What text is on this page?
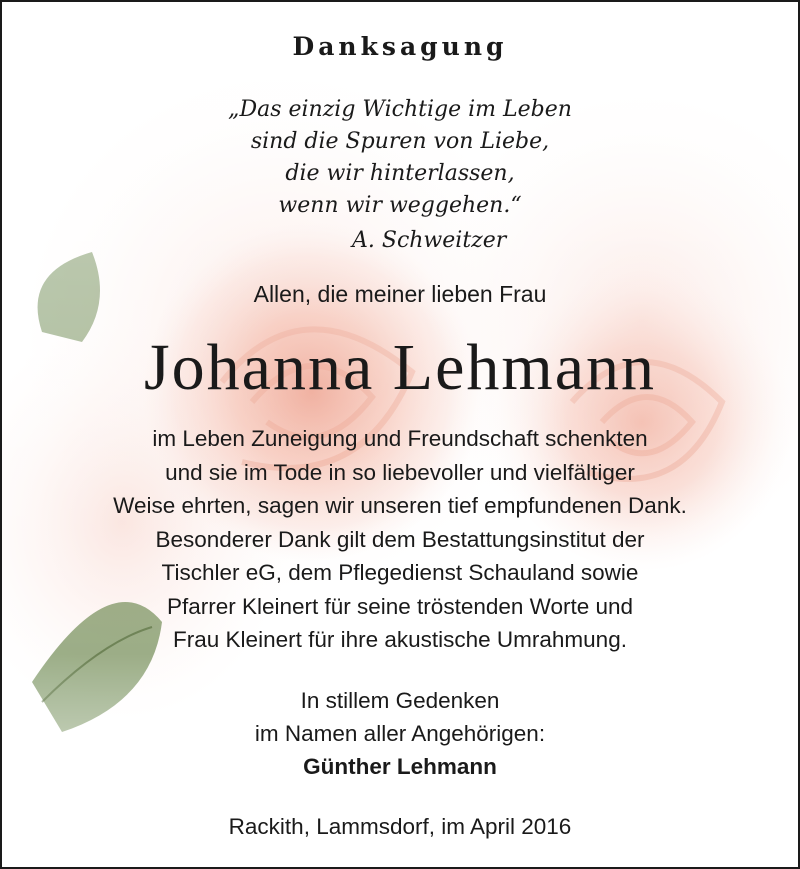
Danksagung
„Das einzig Wichtige im Leben
sind die Spuren von Liebe,
die wir hinterlassen,
wenn wir weggehen.“
A. Schweitzer
Allen, die meiner lieben Frau
Johanna Lehmann
im Leben Zuneigung und Freundschaft schenkten
und sie im Tode in so liebevoller und vielfältiger
Weise ehrten, sagen wir unseren tief empfundenen Dank.
Besonderer Dank gilt dem Bestattungsinstitut der
Tischler eG, dem Pflegedienst Schauland sowie
Pfarrer Kleinert für seine tröstenden Worte und
Frau Kleinert für ihre akustische Umrahmung.
In stillem Gedenken
im Namen aller Angehörigen:
Günther Lehmann
Rackith, Lammsdorf, im April 2016
